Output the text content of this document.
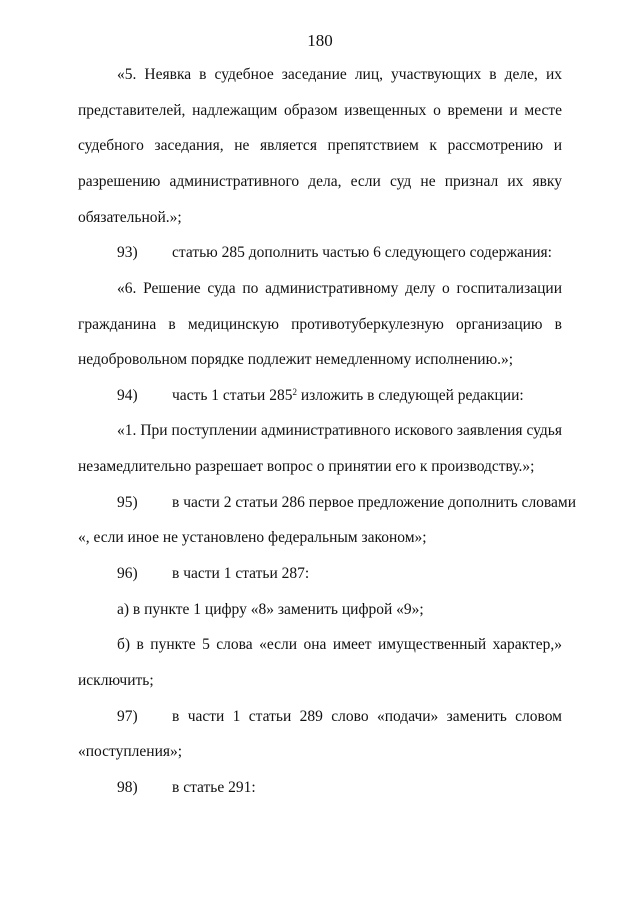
180
«5. Неявка в судебное заседание лиц, участвующих в деле, их
представителей, надлежащим образом извещенных о времени и месте
судебного заседания, не является препятствием к рассмотрению и
разрешению административного дела, если суд не признал их явку
обязательной.»;
93)	статью 285 дополнить частью 6 следующего содержания:
«6. Решение суда по административному делу о госпитализации
гражданина в медицинскую противотуберкулезную организацию в
недобровольном порядке подлежит немедленному исполнению.»;
94)	часть 1 статьи $285^2$ изложить в следующей редакции:
«1. При поступлении административного искового заявления судья
незамедлительно разрешает вопрос о принятии его к производству.»;
95)	в части 2 статьи 286 первое предложение дополнить словами
«, если иное не установлено федеральным законом»;
96)	в части 1 статьи 287:
а) в пункте 1 цифру «8» заменить цифрой «9»;
б) в пункте 5 слова «если она имеет имущественный характер,»
исключить;
97)	в части 1 статьи 289 слово «подачи» заменить словом
«поступления»;
98)	в статье 291:
